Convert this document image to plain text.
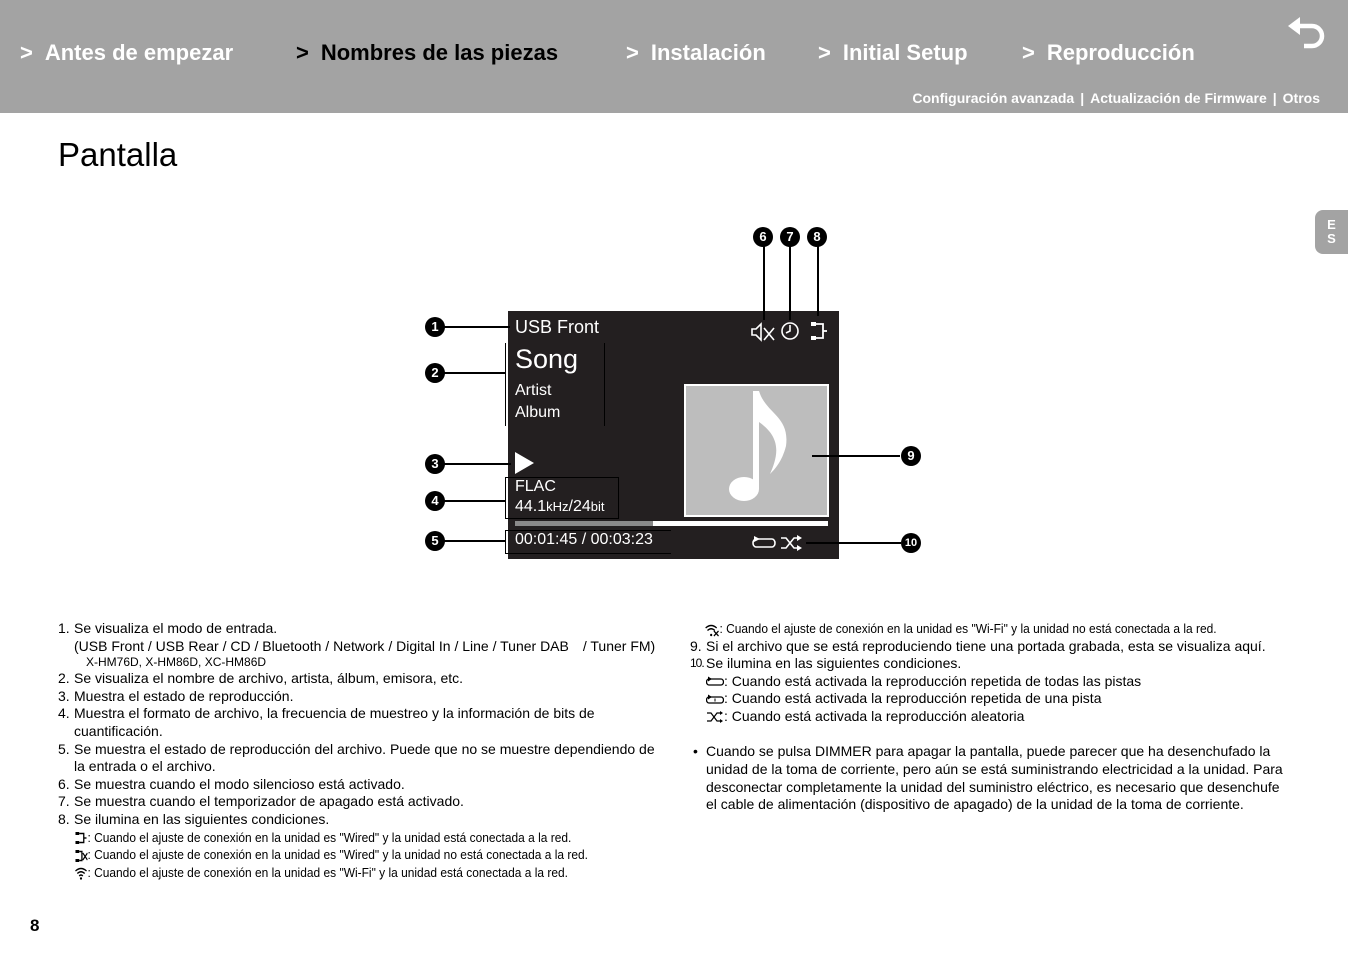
> Antes de empezar	> Nombres de las piezas	> Instalación > Initial Setup > Reproducción
Configuración avanzada | Actualización de Firmware | Otros
E
S
Pantalla
USB Front
Song
Artist
Album
FLAC
44.1kHz/24bit
00:01:45 / 00:03:23
1
2
3
4
5
6	7	8
9
10
1. Se visualiza el modo de entrada.
(USB Front / USB Rear / CD / Bluetooth / Network / Digital In / Line / Tuner DAB / Tuner FM)
X-HM76D, X-HM86D, XC-HM86D
2. Se visualiza el nombre de archivo, artista, álbum, emisora, etc.
3. Muestra el estado de reproducción.
4. Muestra el formato de archivo, la frecuencia de muestreo y la información de bits de cuantificación.
5. Se muestra el estado de reproducción del archivo. Puede que no se muestre dependiendo de la entrada o el archivo.
6. Se muestra cuando el modo silencioso está activado.
7. Se muestra cuando el temporizador de apagado está activado.
8. Se ilumina en las siguientes condiciones.
: Cuando el ajuste de conexión en la unidad es "Wired" y la unidad está conectada a la red.
: Cuando el ajuste de conexión en la unidad es "Wired" y la unidad no está conectada a la red.
: Cuando el ajuste de conexión en la unidad es "Wi-Fi" y la unidad está conectada a la red.
: Cuando el ajuste de conexión en la unidad es "Wi-Fi" y la unidad no está conectada a la red.
9. Si el archivo que se está reproduciendo tiene una portada grabada, esta se visualiza aquí.
10. Se ilumina en las siguientes condiciones.
: Cuando está activada la reproducción repetida de todas las pistas
: Cuando está activada la reproducción repetida de una pista
: Cuando está activada la reproducción aleatoria
• Cuando se pulsa DIMMER para apagar la pantalla, puede parecer que ha desenchufado la unidad de la toma de corriente, pero aún se está suministrando electricidad a la unidad. Para desconectar completamente la unidad del suministro eléctrico, es necesario que desenchufe el cable de alimentación (dispositivo de apagado) de la unidad de la toma de corriente.
8
